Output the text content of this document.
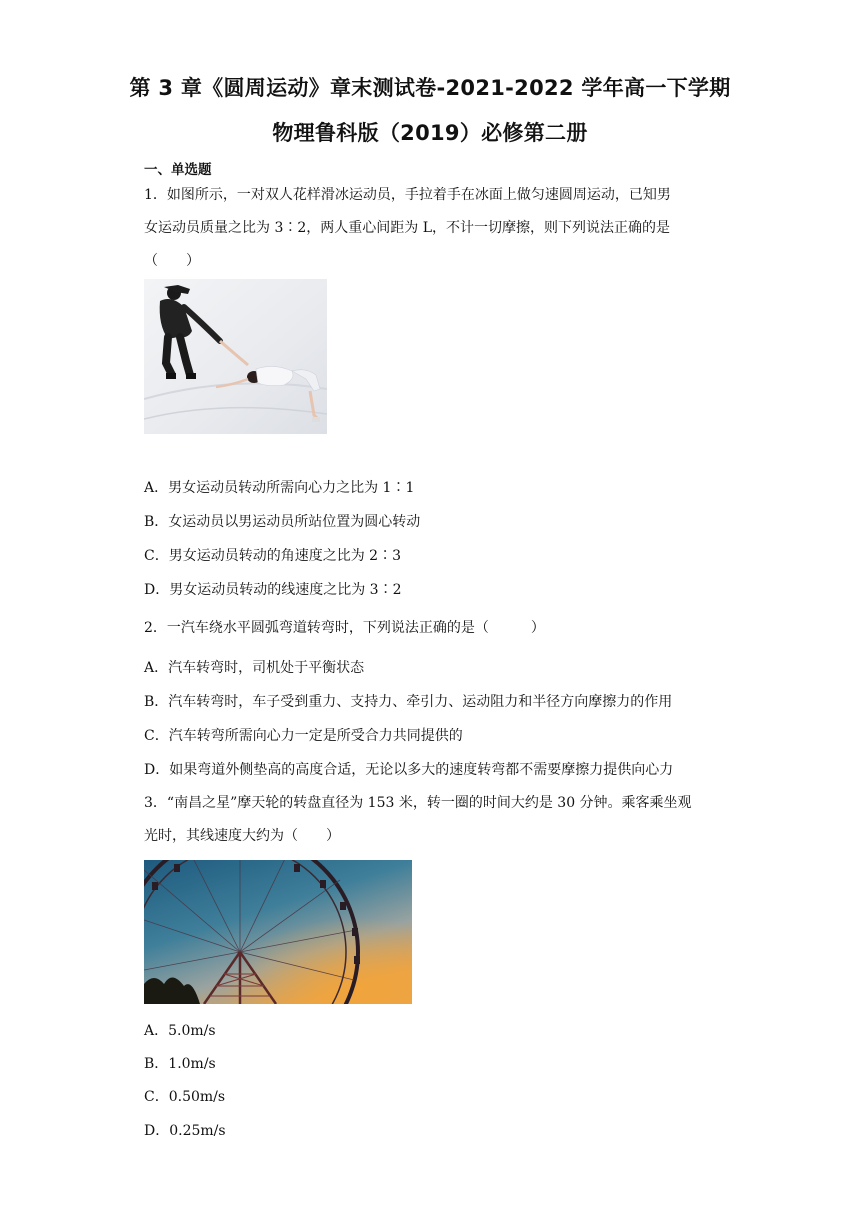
第 3 章《圆周运动》章末测试卷-2021-2022 学年高一下学期
物理鲁科版（2019）必修第二册
一、单选题
1．如图所示，一对双人花样滑冰运动员，手拉着手在冰面上做匀速圆周运动，已知男
女运动员质量之比为 3∶2，两人重心间距为 L，不计一切摩擦，则下列说法正确的是
（　　）
A．男女运动员转动所需向心力之比为 1∶1
B．女运动员以男运动员所站位置为圆心转动
C．男女运动员转动的角速度之比为 2∶3
D．男女运动员转动的线速度之比为 3∶2
2．一汽车绕水平圆弧弯道转弯时，下列说法正确的是（　　　）
A．汽车转弯时，司机处于平衡状态
B．汽车转弯时，车子受到重力、支持力、牵引力、运动阻力和半径方向摩擦力的作用
C．汽车转弯所需向心力一定是所受合力共同提供的
D．如果弯道外侧垫高的高度合适，无论以多大的速度转弯都不需要摩擦力提供向心力
3．“南昌之星”摩天轮的转盘直径为 153 米，转一圈的时间大约是 30 分钟。乘客乘坐观
光时，其线速度大约为（　　）
A．5.0m/s
B．1.0m/s
C．0.50m/s
D．0.25m/s
